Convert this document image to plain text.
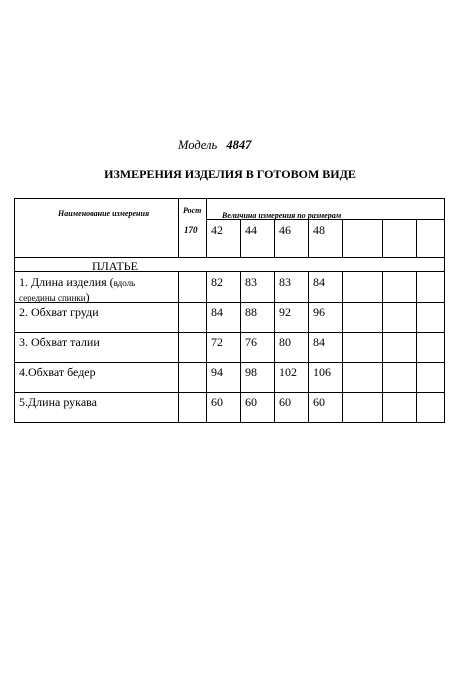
Модель 4847
ИЗМЕРЕНИЯ ИЗДЕЛИЯ В ГОТОВОМ ВИДЕ
Наименование измерения	Рост
170
Величина измерения по размерам
42 44 46 48
ПЛАТЬЕ
1. Длина изделия (вдоль
середины спинки)
82 83 83 84
2. Обхват груди	84 88 92 96
3. Обхват талии	72 76 80 84
4.Обхват бедер	94 98 102 106
5.Длина рукава	60 60 60 60
